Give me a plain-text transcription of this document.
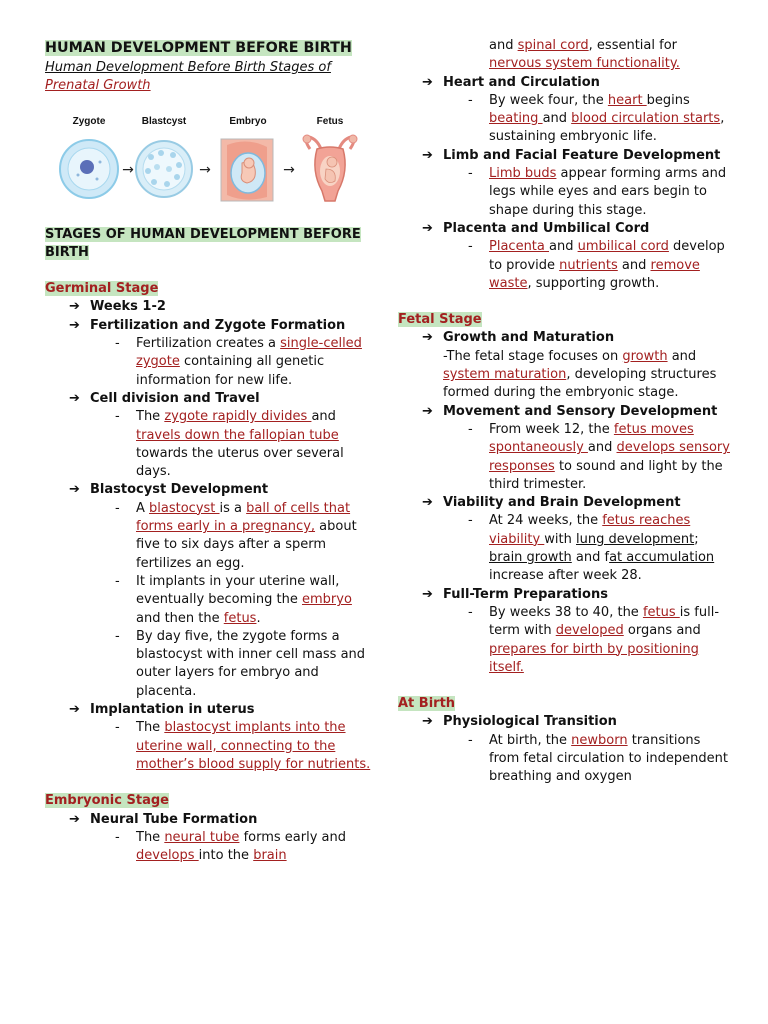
HUMAN DEVELOPMENT BEFORE BIRTH
Human Development Before Birth Stages of Prenatal Growth
Zygote	Blastcyst	Embryo	Fetus
→	→	→
STAGES OF HUMAN DEVELOPMENT BEFORE BIRTH
Germinal Stage
➔ Weeks 1-2
➔ Fertilization and Zygote Formation
- Fertilization creates a single-celled zygote containing all genetic information for new life.
➔ Cell division and Travel
- The zygote rapidly divides and travels down the fallopian tube towards the uterus over several days.
➔ Blastocyst Development
- A blastocyst is a ball of cells that forms early in a pregnancy, about five to six days after a sperm fertilizes an egg.
- It implants in your uterine wall, eventually becoming the embryo and then the fetus.
- By day five, the zygote forms a blastocyst with inner cell mass and outer layers for embryo and placenta.
➔ Implantation in uterus
- The blastocyst implants into the uterine wall, connecting to the mother’s blood supply for nutrients.
Embryonic Stage
➔ Neural Tube Formation
- The neural tube forms early and develops into the brain
and spinal cord, essential for nervous system functionality.
➔ Heart and Circulation
- By week four, the heart begins beating and blood circulation starts, sustaining embryonic life.
➔ Limb and Facial Feature Development
- Limb buds appear forming arms and legs while eyes and ears begin to shape during this stage.
➔ Placenta and Umbilical Cord
- Placenta and umbilical cord develop to provide nutrients and remove waste, supporting growth.
Fetal Stage
➔ Growth and Maturation
-The fetal stage focuses on growth and system maturation, developing structures formed during the embryonic stage.
➔ Movement and Sensory Development
- From week 12, the fetus moves spontaneously and develops sensory responses to sound and light by the third trimester.
➔ Viability and Brain Development
- At 24 weeks, the fetus reaches viability with lung development; brain growth and fat accumulation increase after week 28.
➔ Full-Term Preparations
- By weeks 38 to 40, the fetus is full-term with developed organs and prepares for birth by positioning itself.
At Birth
➔ Physiological Transition
- At birth, the newborn transitions from fetal circulation to independent breathing and oxygen
